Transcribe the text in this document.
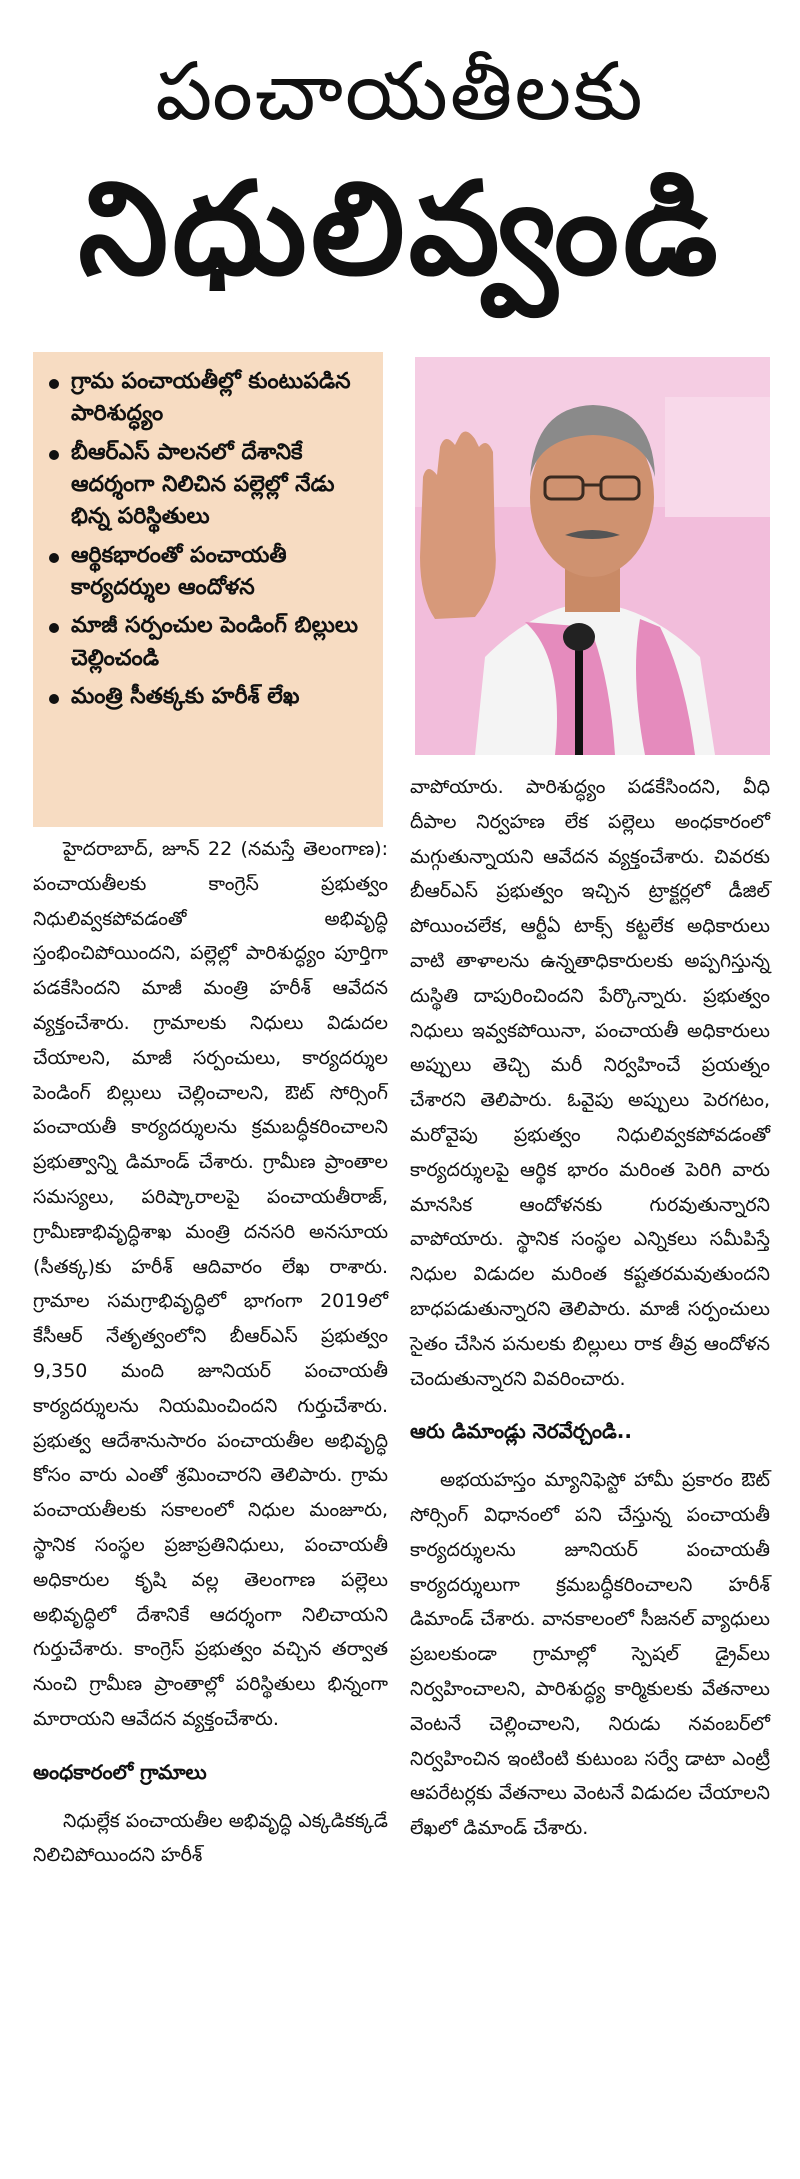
పంచాయతీలకు
నిధులివ్వండి
గ్రామ పంచాయతీల్లో కుంటుపడిన పారిశుద్ధ్యం
బీఆర్ఎస్ పాలనలో దేశానికే ఆదర్శంగా నిలిచిన పల్లెల్లో నేడు భిన్న పరిస్థితులు
ఆర్థికభారంతో పంచాయతీ కార్యదర్శుల ఆందోళన
మాజీ సర్పంచుల పెండింగ్ బిల్లులు చెల్లించండి
మంత్రి సీతక్కకు హరీశ్ లేఖ

హైదరాబాద్, జూన్ 22 (నమస్తే తెలంగాణ): పంచాయతీలకు కాంగ్రెస్ ప్రభుత్వం నిధులివ్వకపోవడంతో అభివృద్ధి స్తంభించిపోయిందని, పల్లెల్లో పారిశుద్ధ్యం పూర్తిగా పడకేసిందని మాజీ మంత్రి హరీశ్ ఆవేదన వ్యక్తంచేశారు. గ్రామాలకు నిధులు విడుదల చేయాలని, మాజీ సర్పంచులు, కార్యదర్శుల పెండింగ్ బిల్లులు చెల్లించాలని, ఔట్ సోర్సింగ్ పంచాయతీ కార్యదర్శులను క్రమబద్ధీకరించాలని ప్రభుత్వాన్ని డిమాండ్ చేశారు. గ్రామీణ ప్రాంతాల సమస్యలు, పరిష్కారాలపై పంచాయతీరాజ్, గ్రామీణాభివృద్ధిశాఖ మంత్రి దనసరి అనసూయ (సీతక్క)కు హరీశ్ ఆదివారం లేఖ రాశారు. గ్రామాల సమగ్రాభివృద్ధిలో భాగంగా 2019లో కేసీఆర్ నేతృత్వంలోని బీఆర్ఎస్ ప్రభుత్వం 9,350 మంది జూనియర్ పంచాయతీ కార్యదర్శులను నియమించిందని గుర్తుచేశారు. ప్రభుత్వ ఆదేశానుసారం పంచాయతీల అభివృద్ధి కోసం వారు ఎంతో శ్రమించారని తెలిపారు. గ్రామ పంచాయతీలకు సకాలంలో నిధుల మంజూరు, స్థానిక సంస్థల ప్రజాప్రతినిధులు, పంచాయతీ అధికారుల కృషి వల్ల తెలంగాణ పల్లెలు అభివృద్ధిలో దేశానికే ఆదర్శంగా నిలిచాయని గుర్తుచేశారు. కాంగ్రెస్ ప్రభుత్వం వచ్చిన తర్వాత నుంచి గ్రామీణ ప్రాంతాల్లో పరిస్థితులు భిన్నంగా మారాయని ఆవేదన వ్యక్తంచేశారు.

అంధకారంలో గ్రామాలు

నిధుల్లేక పంచాయతీల అభివృద్ధి ఎక్కడికక్కడే నిలిచిపోయిందని హరీశ్

వాపోయారు. పారిశుద్ధ్యం పడకేసిందని, వీధి దీపాల నిర్వహణ లేక పల్లెలు అంధకారంలో మగ్గుతున్నాయని ఆవేదన వ్యక్తంచేశారు. చివరకు బీఆర్ఎస్ ప్రభుత్వం ఇచ్చిన ట్రాక్టర్లలో డీజిల్ పోయించలేక, ఆర్టీఏ టాక్స్ కట్టలేక అధికారులు వాటి తాళాలను ఉన్నతాధికారులకు అప్పగిస్తున్న దుస్థితి దాపురించిందని పేర్కొన్నారు. ప్రభుత్వం నిధులు ఇవ్వకపోయినా, పంచాయతీ అధికారులు అప్పులు తెచ్చి మరీ నిర్వహించే ప్రయత్నం చేశారని తెలిపారు. ఓవైపు అప్పులు పెరగటం, మరోవైపు ప్రభుత్వం నిధులివ్వకపోవడంతో కార్యదర్శులపై ఆర్థిక భారం మరింత పెరిగి వారు మానసిక ఆందోళనకు గురవుతున్నారని వాపోయారు. స్థానిక సంస్థల ఎన్నికలు సమీపిస్తే నిధుల విడుదల మరింత కష్టతరమవుతుందని బాధపడుతున్నారని తెలిపారు. మాజీ సర్పంచులు సైతం చేసిన పనులకు బిల్లులు రాక తీవ్ర ఆందోళన చెందుతున్నారని వివరించారు.

ఆరు డిమాండ్లు నెరవేర్చండి..

అభయహస్తం మ్యానిఫెస్టో హామీ ప్రకారం ఔట్ సోర్సింగ్ విధానంలో పని చేస్తున్న పంచాయతీ కార్యదర్శులను జూనియర్ పంచాయతీ కార్యదర్శులుగా క్రమబద్ధీకరించాలని హరీశ్ డిమాండ్ చేశారు. వానకాలంలో సీజనల్ వ్యాధులు ప్రబలకుండా గ్రామాల్లో స్పెషల్ డ్రైవ్‌లు నిర్వహించాలని, పారిశుద్ధ్య కార్మికులకు వేతనాలు వెంటనే చెల్లించాలని, నిరుడు నవంబర్‌లో నిర్వహించిన ఇంటింటి కుటుంబ సర్వే డాటా ఎంట్రీ ఆపరేటర్లకు వేతనాలు వెంటనే విడుదల చేయాలని లేఖలో డిమాండ్ చేశారు.
